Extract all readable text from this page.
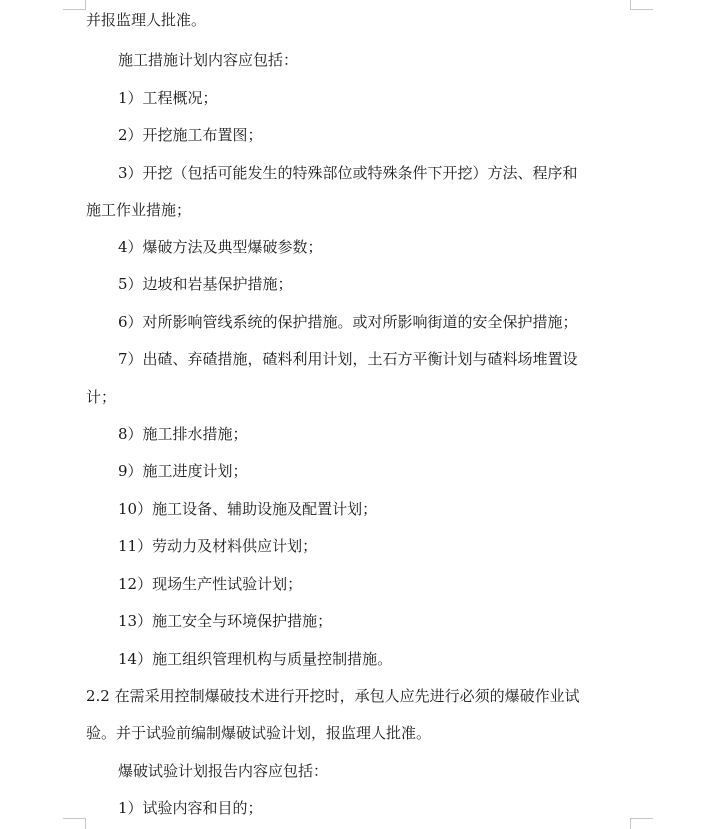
并报监理人批准。
施工措施计划内容应包括：
1）工程概况；
2）开挖施工布置图；
3）开挖（包括可能发生的特殊部位或特殊条件下开挖）方法、程序和
施工作业措施；
4）爆破方法及典型爆破参数；
5）边坡和岩基保护措施；
6）对所影响管线系统的保护措施。或对所影响街道的安全保护措施；
7）出碴、弃碴措施，碴料利用计划，土石方平衡计划与碴料场堆置设
计；
8）施工排水措施；
9）施工进度计划；
10）施工设备、辅助设施及配置计划；
11）劳动力及材料供应计划；
12）现场生产性试验计划；
13）施工安全与环境保护措施；
14）施工组织管理机构与质量控制措施。
2.2 在需采用控制爆破技术进行开挖时，承包人应先进行必须的爆破作业试
验。并于试验前编制爆破试验计划，报监理人批准。
爆破试验计划报告内容应包括：
1）试验内容和目的；
